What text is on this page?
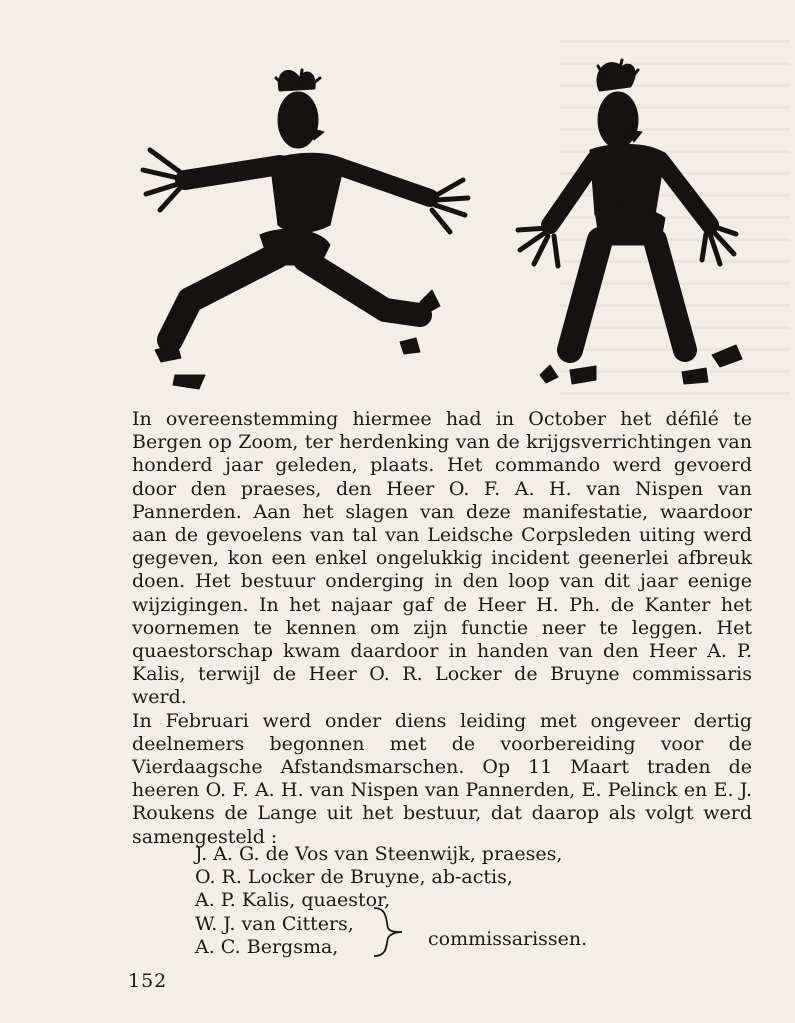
In overeenstemming hiermee had in October het défilé te Bergen op Zoom, ter herdenking van de krijgsverrichtingen van honderd jaar geleden, plaats. Het commando werd gevoerd door den praeses, den Heer O. F. A. H. van Nispen van Pannerden. Aan het slagen van deze manifestatie, waardoor aan de gevoelens van tal van Leidsche Corpsleden uiting werd gegeven, kon een enkel ongelukkig incident geenerlei afbreuk doen. Het bestuur onderging in den loop van dit jaar eenige wijzigingen. In het najaar gaf de Heer H. Ph. de Kanter het voornemen te kennen om zijn functie neer te leggen. Het quaestorschap kwam daardoor in handen van den Heer A. P. Kalis, terwijl de Heer O. R. Locker de Bruyne commissaris werd.

In Februari werd onder diens leiding met ongeveer dertig deelnemers begonnen met de voorbereiding voor de Vierdaagsche Afstandsmarschen. Op 11 Maart traden de heeren O. F. A. H. van Nispen van Pannerden, E. Pelinck en E. J. Roukens de Lange uit het bestuur, dat daarop als volgt werd samengesteld :

J. A. G. de Vos van Steenwijk, praeses,
O. R. Locker de Bruyne, ab-actis,
A. P. Kalis, quaestor,
W. J. van Citters,
A. C. Bergsma,	commissarissen.
152
